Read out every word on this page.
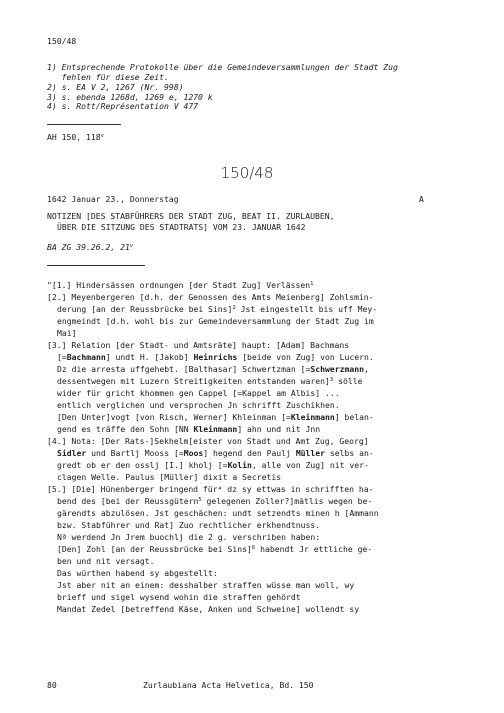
150/48
1) Entsprechende Protokolle über die Gemeindeversammlungen der Stadt Zug
fehlen für diese Zeit.
2) s. EA V 2, 1267 (Nr. 998)
3) s. ebenda 1268d, 1269 e, 1270 k
4) s. Rott/Représentation V 477
AH 150, 118$^v$
150/48
1642 Januar 23., Donnerstag	A
NOTIZEN [DES STABFÜHRERS DER STADT ZUG, BEAT II. ZURLAUBEN,
ÜBER DIE SITZUNG DES STADTRATS] VOM 23. JANUAR 1642
BA ZG 39.26.2, 21$^v$
"[1.] Hindersässen ordnungen [der Stadt Zug] Verlässen$^1$
[2.] Meyenbergeren [d.h. der Genossen des Amts Meienberg] Zohlsmin-
derung [an der Reussbrücke bei Sins]$^2$ Jst eingestellt bis uff Mey-
engmeindt [d.h. wohl bis zur Gemeindeversammlung der Stadt Zug im
Mai]
[3.] Relation [der Stadt- und Amtsräte] haupt: [Adam] Bachmans
[=Bachmann] undt H. [Jakob] Heinrichs [beide von Zug] von Lucern.
Dz die arresta uffgehebt. [Balthasar] Schwertzman [=Schwerzmann,
dessentwegen mit Luzern Streitigkeiten entstanden waren]$^3$ sölle
wider für gricht khommen gen Cappel [=Kappel am Albis] ...
entlich verglichen und versprochen Jn schrifft Zuschikhen.
[Den Unter]vogt [von Risch, Werner] Khleinman [=Kleinmann] belan-
gend es träffe den Sohn [NN Kleinmann] ahn und nit Jnn
[4.] Nota: [Der Rats-]Sekhelm[eister von Stadt und Amt Zug, Georg]
Sidler und Bartlj Mooss [=Moos] hegend den Paulj Müller selbs an-
gredt ob er den osslj [I.] kholj [=Kolin, alle von Zug] nit ver-
clagen Welle. Paulus [Müller] dixit a Secretis
[5.] [Die] Hünenberger bringend für⁴ dz sy ettwas in schrifften ha-
bend des [bei der Reussgütern$^5$ gelegenen Zoller?]mätlis wegen be-
gärendts abzulösen. Jst geschächen: undt setzendts minen h [Ammann
bzw. Stabführer und Rat] Zuo rechtlicher erkhendtnuss.
Nª werdend Jn Jrem buochlj die 2 g. verschriben haben:
[Den] Zohl [an der Reussbrücke bei Sins]$^6$ habendt Jr ettliche ge-
ben und nit versagt.
Das würthen habend sy abgestellt:
Jst aber nit an einem: desshalber straffen wüsse man woll, wy
brieff und sigel wysend wohin die straffen gehördt
Mandat Zedel [betreffend Käse, Anken und Schweine] wollendt sy
80	Zurlaubiana Acta Helvetica, Bd. 150
